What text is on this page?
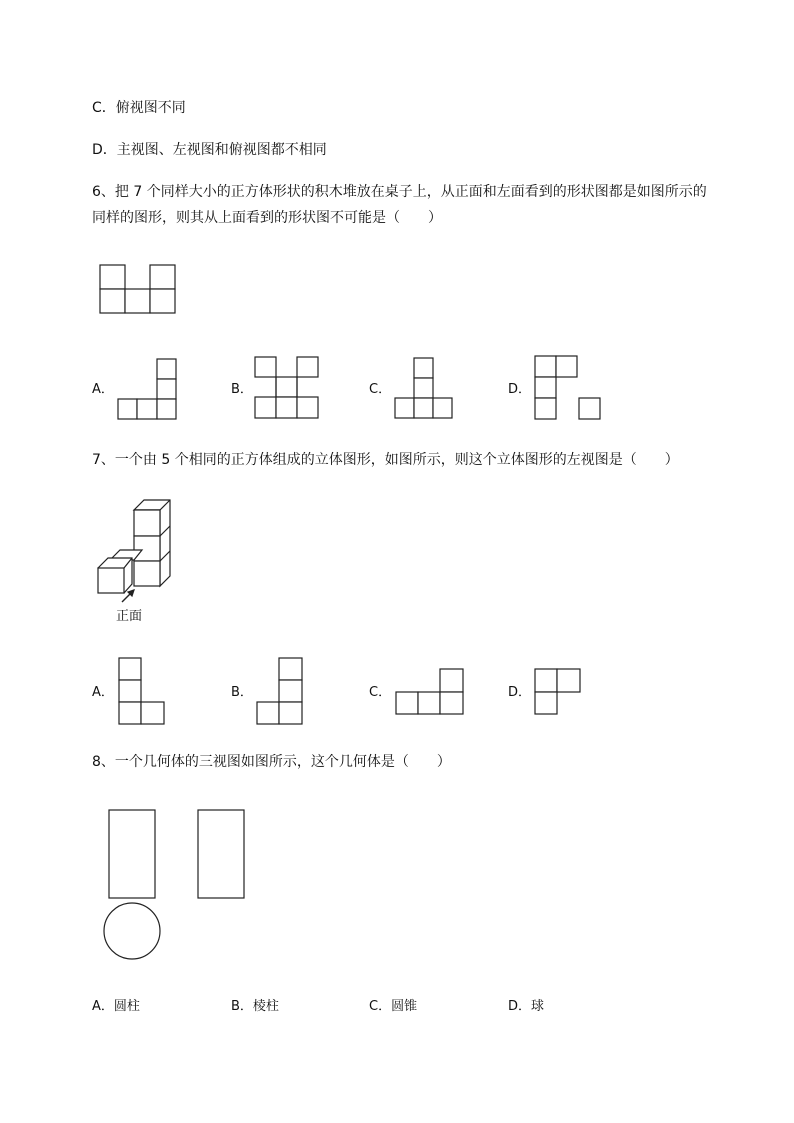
C．俯视图不同
D．主视图、左视图和俯视图都不相同
6、把 7 个同样大小的正方体形状的积木堆放在桌子上，从正面和左面看到的形状图都是如图所示的
同样的图形，则其从上面看到的形状图不可能是（　　）
A．	B．	C．	D．
7、一个由 5 个相同的正方体组成的立体图形，如图所示，则这个立体图形的左视图是（　　）
正面
A．	B．	C．	D．
8、一个几何体的三视图如图所示，这个几何体是（　　）
A．圆柱	B．棱柱	C．圆锥	D．球
